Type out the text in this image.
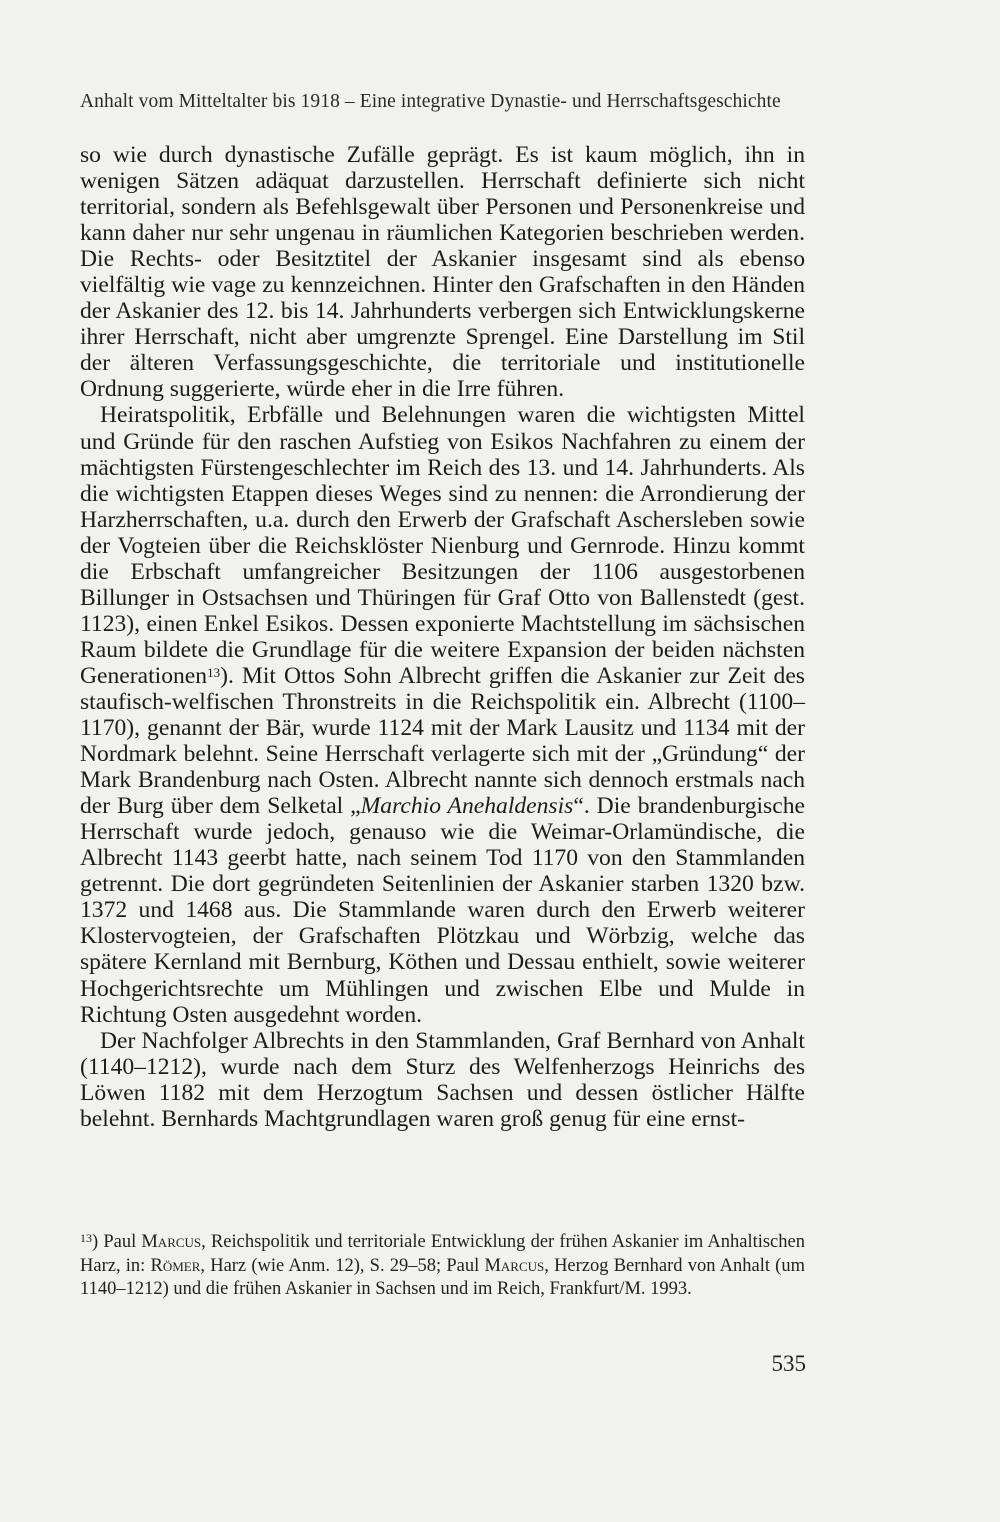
Anhalt vom Mitteltalter bis 1918 – Eine integrative Dynastie- und Herrschaftsgeschichte

so wie durch dynastische Zufälle geprägt. Es ist kaum möglich, ihn in wenigen Sätzen adäquat darzustellen. Herrschaft definierte sich nicht territorial, sondern als Befehlsgewalt über Personen und Personenkreise und kann daher nur sehr ungenau in räumlichen Kategorien beschrieben werden. Die Rechts- oder Besitztitel der Askanier insgesamt sind als ebenso vielfältig wie vage zu kennzeichnen. Hinter den Grafschaften in den Händen der Askanier des 12. bis 14. Jahrhunderts verbergen sich Entwicklungskerne ihrer Herrschaft, nicht aber umgrenzte Sprengel. Eine Darstellung im Stil der älteren Verfassungsgeschichte, die territoriale und institutionelle Ordnung suggerierte, würde eher in die Irre führen.

Heiratspolitik, Erbfälle und Belehnungen waren die wichtigsten Mittel und Gründe für den raschen Aufstieg von Esikos Nachfahren zu einem der mächtigsten Fürstengeschlechter im Reich des 13. und 14. Jahrhunderts. Als die wichtigsten Etappen dieses Weges sind zu nennen: die Arrondierung der Harzherrschaften, u.a. durch den Erwerb der Grafschaft Aschersleben sowie der Vogteien über die Reichsklöster Nienburg und Gernrode. Hinzu kommt die Erbschaft umfangreicher Besitzungen der 1106 ausgestorbenen Billunger in Ostsachsen und Thüringen für Graf Otto von Ballenstedt (gest. 1123), einen Enkel Esikos. Dessen exponierte Machtstellung im sächsischen Raum bildete die Grundlage für die weitere Expansion der beiden nächsten Generationen$^{13}$). Mit Ottos Sohn Albrecht griffen die Askanier zur Zeit des staufisch-welfischen Thronstreits in die Reichspolitik ein. Albrecht (1100–1170), genannt der Bär, wurde 1124 mit der Mark Lausitz und 1134 mit der Nordmark belehnt. Seine Herrschaft verlagerte sich mit der „Gründung“ der Mark Brandenburg nach Osten. Albrecht nannte sich dennoch erstmals nach der Burg über dem Selketal „Marchio Anehaldensis“. Die brandenburgische Herrschaft wurde jedoch, genauso wie die Weimar-Orlamündische, die Albrecht 1143 geerbt hatte, nach seinem Tod 1170 von den Stammlanden getrennt. Die dort gegründeten Seitenlinien der Askanier starben 1320 bzw. 1372 und 1468 aus. Die Stammlande waren durch den Erwerb weiterer Klostervogteien, der Grafschaften Plötzkau und Wörbzig, welche das spätere Kernland mit Bernburg, Köthen und Dessau enthielt, sowie weiterer Hochgerichtsrechte um Mühlingen und zwischen Elbe und Mulde in Richtung Osten ausgedehnt worden.

Der Nachfolger Albrechts in den Stammlanden, Graf Bernhard von Anhalt (1140–1212), wurde nach dem Sturz des Welfenherzogs Heinrichs des Löwen 1182 mit dem Herzogtum Sachsen und dessen östlicher Hälfte belehnt. Bernhards Machtgrundlagen waren groß genug für eine ernst-

$^{13}$) Paul Marcus, Reichspolitik und territoriale Entwicklung der frühen Askanier im Anhaltischen Harz, in: Römer, Harz (wie Anm. 12), S. 29–58; Paul Marcus, Herzog Bernhard von Anhalt (um 1140–1212) und die frühen Askanier in Sachsen und im Reich, Frankfurt/M. 1993.
535
